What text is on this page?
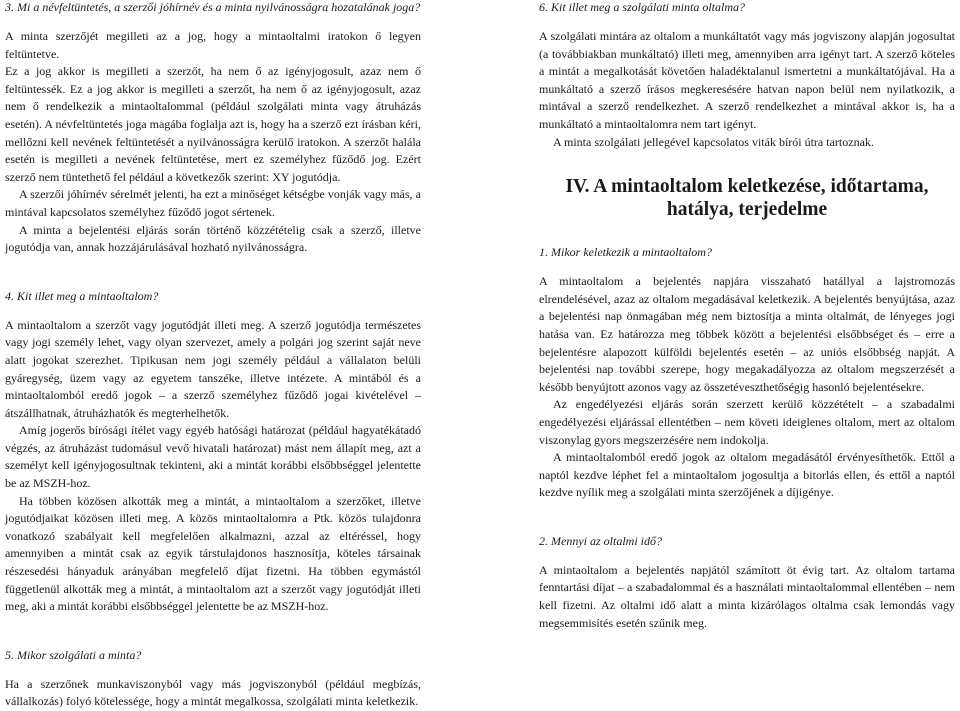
3. Mi a névfeltüntetés, a szerzői jóhírnév és a minta nyilvánosságra hozatalának joga?

A minta szerzőjét megilleti az a jog, hogy a mintaoltalmi iratokon ő legyen feltüntetve.

Ez a jog akkor is megilleti a szerzőt, ha nem ő az igényjogosult, azaz nem ő feltüntessék. Ez a jog akkor is megilleti a szerzőt, ha nem ő az igényjogosult, azaz nem ő rendelkezik a mintaoltalommal (például szolgálati minta vagy átruházás esetén). A névfeltüntetés joga magába foglalja azt is, hogy ha a szerző ezt írásban kéri, mellőzni kell nevének feltüntetését a nyilvánosságra kerülő iratokon. A szerzőt halála esetén is megilleti a nevének feltüntetése, mert ez személyhez fűződő jog. Ezért szerző nem tüntethető fel például a következők szerint: XY jogutódja.

A szerzői jóhírnév sérelmét jelenti, ha ezt a minőséget kétségbe vonják vagy más, a mintával kapcsolatos személyhez fűződő jogot sértenek.

A minta a bejelentési eljárás során történő közzétételig csak a szerző, illetve jogutódja van, annak hozzájárulásával hozható nyilvánosságra.

4. Kit illet meg a mintaoltalom?

A mintaoltalom a szerzőt vagy jogutódját illeti meg. A szerző jogutódja természetes vagy jogi személy lehet, vagy olyan szervezet, amely a polgári jog szerint saját neve alatt jogokat szerezhet. Tipikusan nem jogi személy például a vállalaton belüli gyáregység, üzem vagy az egyetem tanszéke, illetve intézete. A mintából és a mintaoltalomból eredő jogok – a szerző személyhez fűződő jogai kivételével – átszállhatnak, átruházhatók és megterhelhetők.

Amíg jogerős bírósági ítélet vagy egyéb hatósági határozat (például hagyatékátadó végzés, az átruházást tudomásul vevő hivatali határozat) mást nem állapít meg, azt a személyt kell igényjogosultnak tekinteni, aki a mintát korábbi elsőbbséggel jelentette be az MSZH-hoz.

Ha többen közösen alkották meg a mintát, a mintaoltalom a szerzőket, illetve jogutódjaikat közösen illeti meg. A közös mintaoltalomra a Ptk. közös tulajdonra vonatkozó szabályait kell megfelelően alkalmazni, azzal az eltéréssel, hogy amennyiben a mintát csak az egyik társtulajdonos hasznosítja, köteles társainak részesedési hányaduk arányában megfelelő díjat fizetni. Ha többen egymástól függetlenül alkották meg a mintát, a mintaoltalom azt a szerzőt vagy jogutódját illeti meg, aki a mintát korábbi elsőbbséggel jelentette be az MSZH-hoz.

5. Mikor szolgálati a minta?

Ha a szerzőnek munkaviszonyból vagy más jogviszonyból (például megbízás, vállalkozás) folyó kötelessége, hogy a mintát megalkossa, szolgálati minta keletkezik.

6. Kit illet meg a szolgálati minta oltalma?

A szolgálati mintára az oltalom a munkáltatót vagy más jogviszony alapján jogosultat (a továbbiakban munkáltató) illeti meg, amennyiben arra igényt tart. A szerző köteles a mintát a megalkotását követően haladéktalanul ismertetni a munkáltatójával. Ha a munkáltató a szerző írásos megkeresésére hatvan napon belül nem nyilatkozik, a mintával a szerző rendelkezhet. A szerző rendelkezhet a mintával akkor is, ha a munkáltató a mintaoltalomra nem tart igényt.

A minta szolgálati jellegével kapcsolatos viták bírói útra tartoznak.

IV. A mintaoltalom keletkezése, időtartama,
hatálya, terjedelme

1. Mikor keletkezik a mintaoltalom?

A mintaoltalom a bejelentés napjára visszaható hatállyal a lajstromozás elrendelésével, azaz az oltalom megadásával keletkezik. A bejelentés benyújtása, azaz a bejelentési nap önmagában még nem biztosítja a minta oltalmát, de lényeges jogi hatása van. Ez határozza meg többek között a bejelentési elsőbbséget és – erre a bejelentésre alapozott külföldi bejelentés esetén – az uniós elsőbbség napját. A bejelentési nap további szerepe, hogy megakadályozza az oltalom megszerzését a később benyújtott azonos vagy az összetéveszthetőségig hasonló bejelentésekre.

Az engedélyezési eljárás során szerzett kerülő közzétételt – a szabadalmi engedélyezési eljárással ellentétben – nem követi ideiglenes oltalom, mert az oltalom viszonylag gyors megszerzésére nem indokolja.

A mintaoltalomból eredő jogok az oltalom megadásától érvényesíthetők. Ettől a naptól kezdve léphet fel a mintaoltalom jogosultja a bitorlás ellen, és ettől a naptól kezdve nyílik meg a szolgálati minta szerzőjének a díjigénye.

2. Mennyi az oltalmi idő?

A mintaoltalom a bejelentés napjától számított öt évig tart. Az oltalom tartama fenntartási díjat – a szabadalommal és a használati mintaoltalommal ellentében – nem kell fizetni. Az oltalmi idő alatt a minta kizárólagos oltalma csak lemondás vagy megsemmisítés esetén szűnik meg.
